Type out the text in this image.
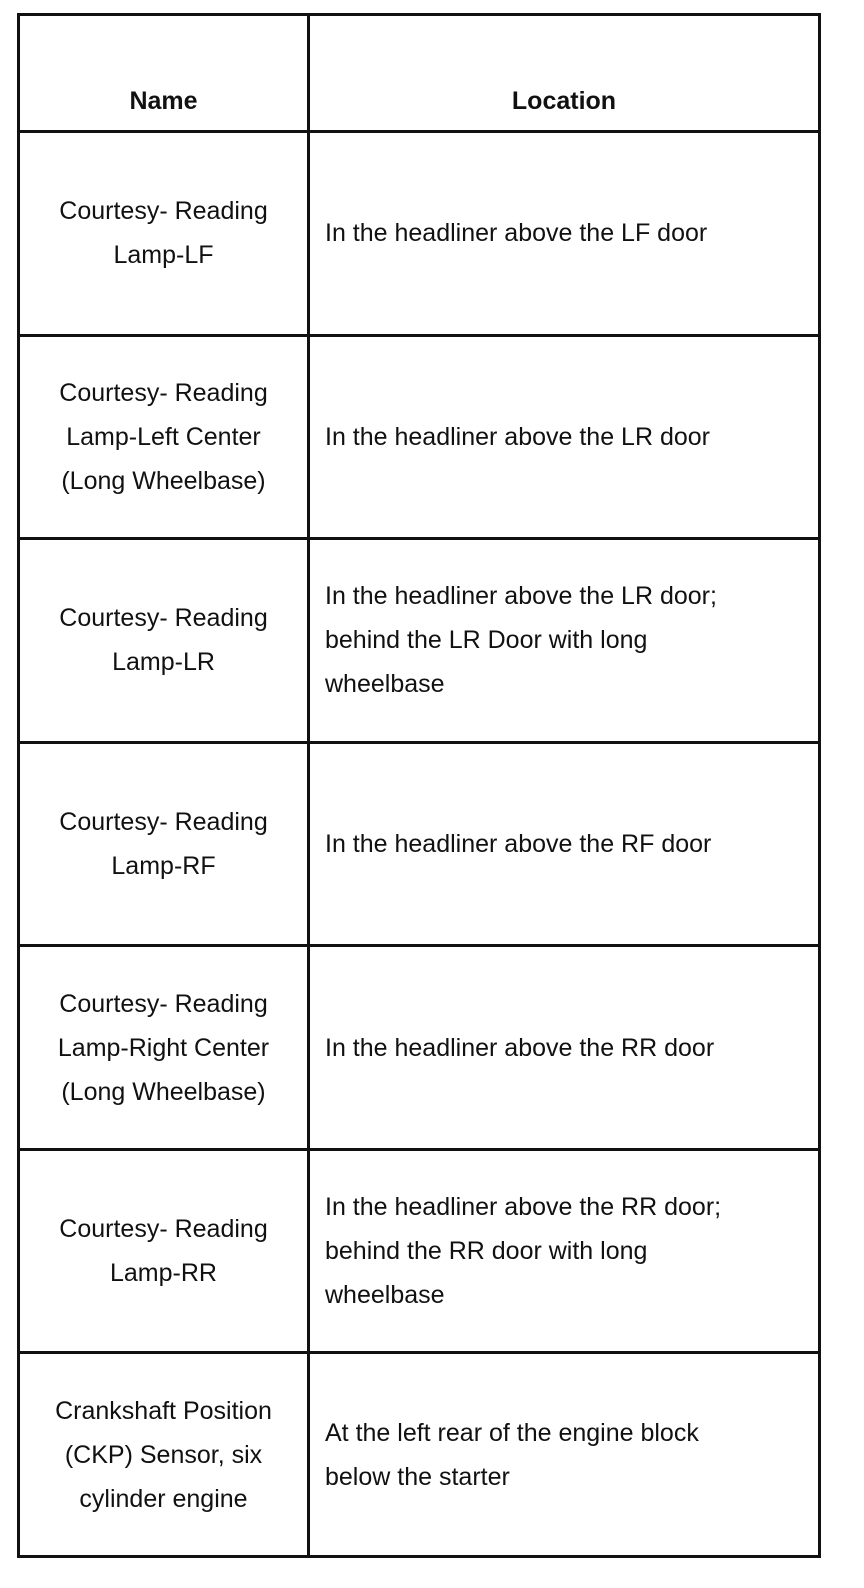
Name	Location

Courtesy- Reading
Lamp-LF	In the headliner above the LF door

Courtesy- Reading
Lamp-Left Center
(Long Wheelbase)	In the headliner above the LR door

Courtesy- Reading
Lamp-LR	In the headliner above the LR door;
behind the LR Door with long
wheelbase

Courtesy- Reading
Lamp-RF	In the headliner above the RF door

Courtesy- Reading
Lamp-Right Center
(Long Wheelbase)	In the headliner above the RR door

Courtesy- Reading
Lamp-RR	In the headliner above the RR door;
behind the RR door with long
wheelbase

Crankshaft Position
(CKP) Sensor, six
cylinder engine	At the left rear of the engine block
below the starter
